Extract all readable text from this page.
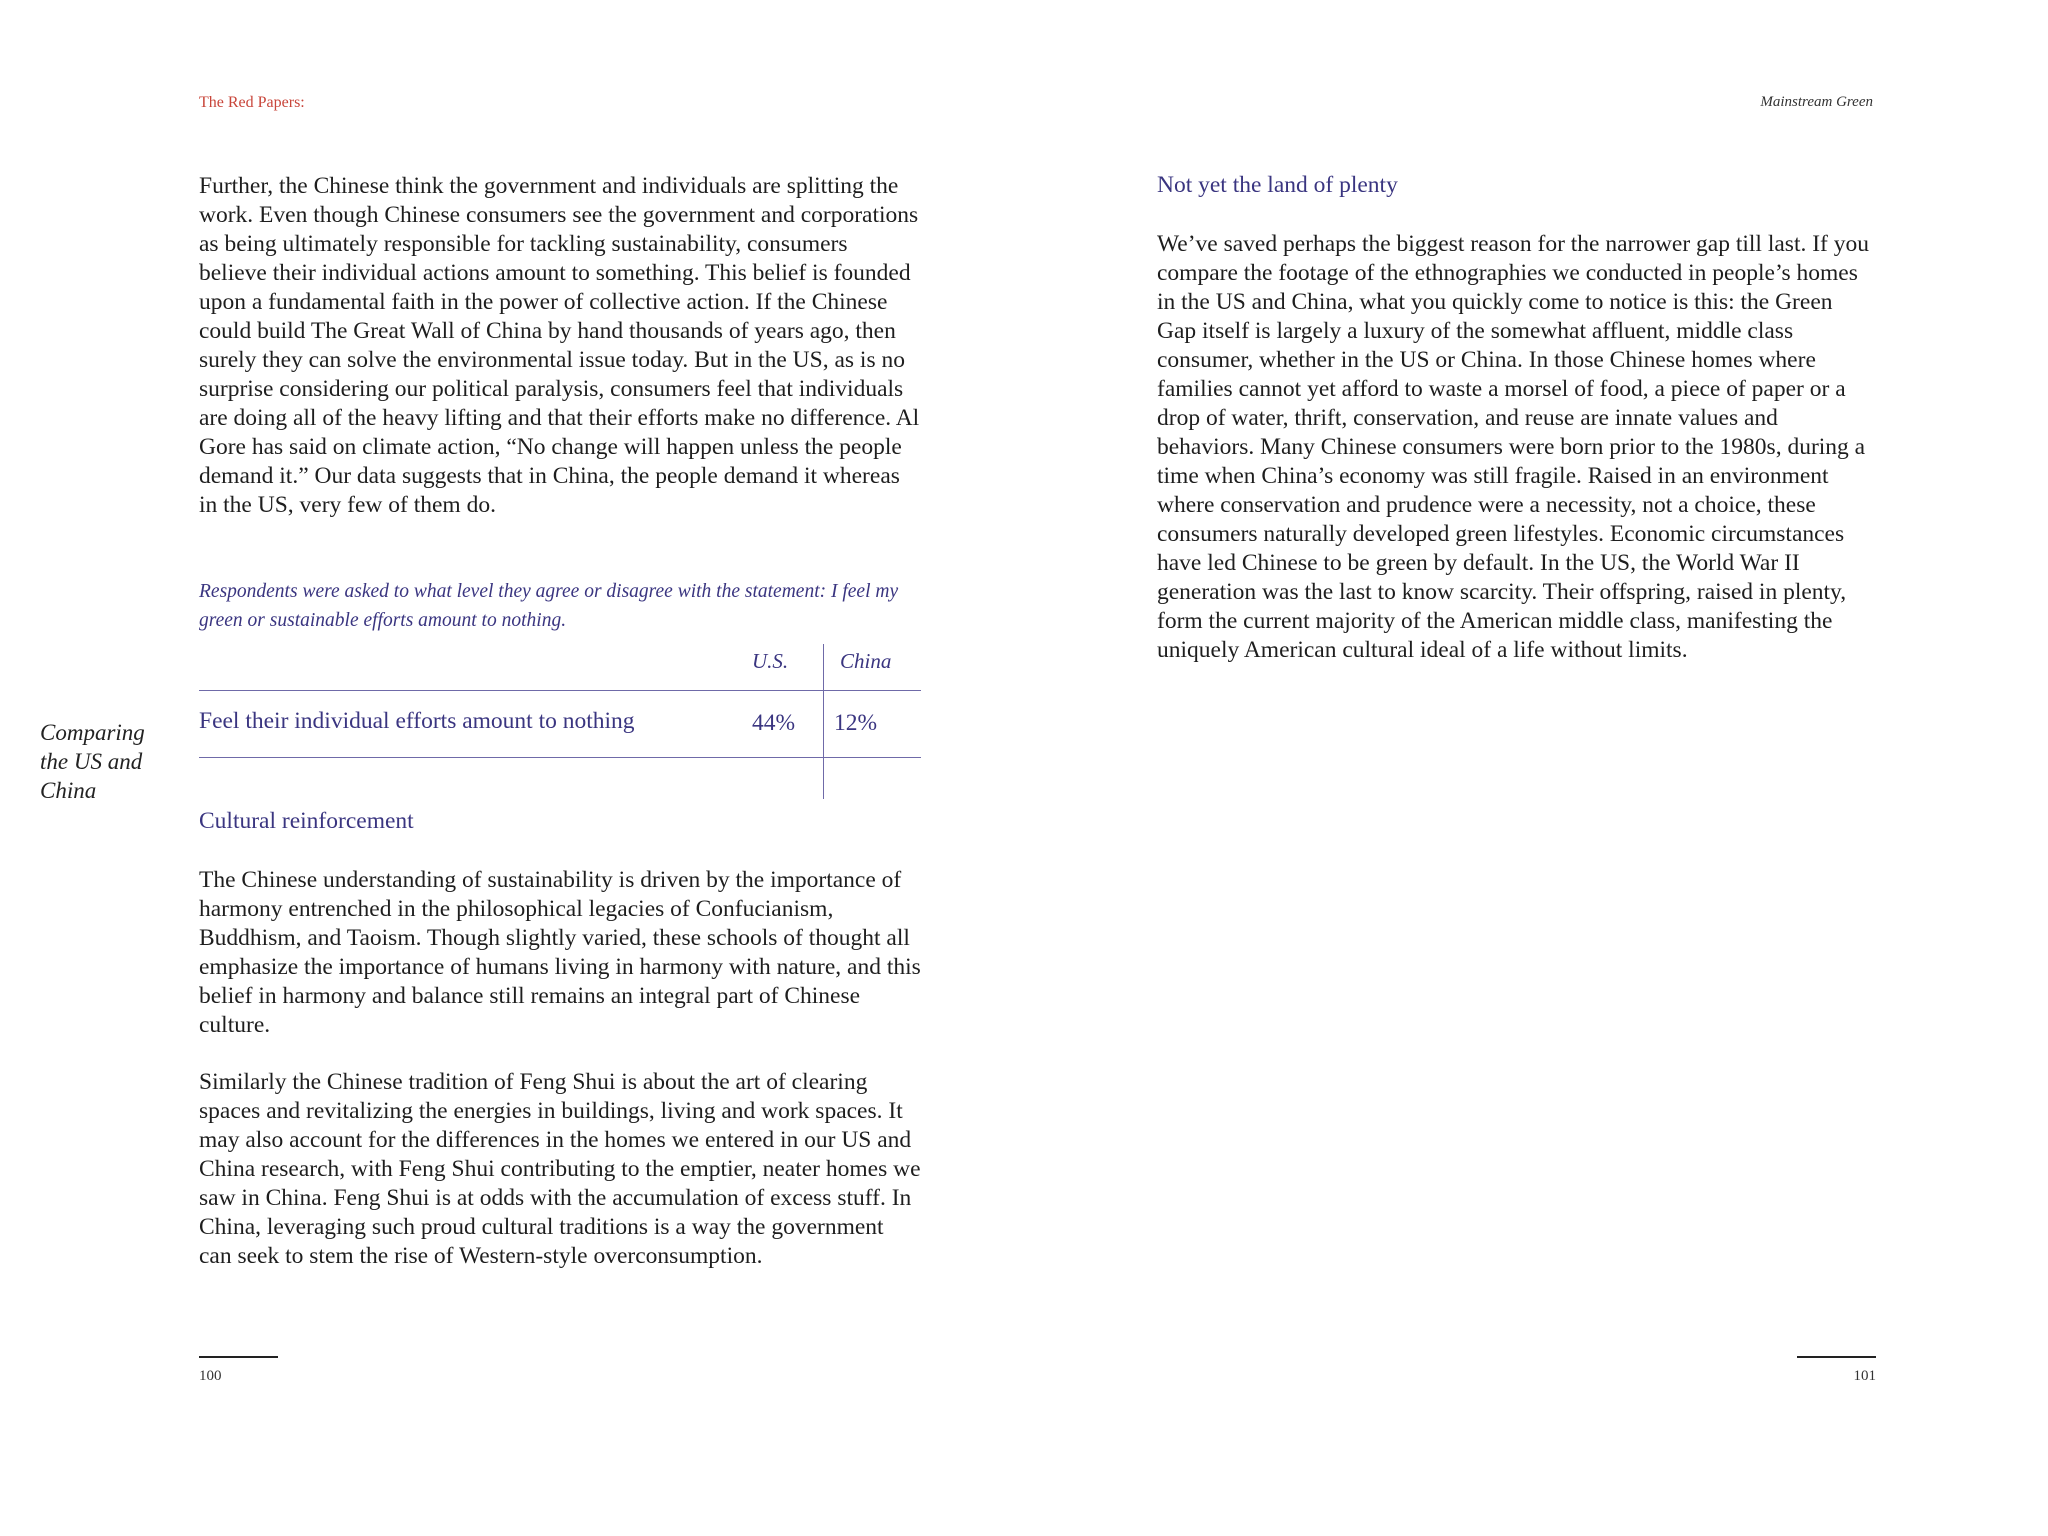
The Red Papers:	Mainstream Green

Further, the Chinese think the government and individuals are splitting the work. Even though Chinese consumers see the government and corporations as being ultimately responsible for tackling sustainability, consumers believe their individual actions amount to something. This belief is founded upon a fundamental faith in the power of collective action. If the Chinese could build The Great Wall of China by hand thousands of years ago, then surely they can solve the environmental issue today. But in the US, as is no surprise considering our political paralysis, consumers feel that individuals are doing all of the heavy lifting and that their efforts make no difference. Al Gore has said on climate action, “No change will happen unless the people demand it.” Our data suggests that in China, the people demand it whereas in the US, very few of them do.

Respondents were asked to what level they agree or disagree with the statement: I feel my green or sustainable efforts amount to nothing.

U.S. China
Feel their individual efforts amount to nothing	44% 12%
Comparing the US and China
Cultural reinforcement

The Chinese understanding of sustainability is driven by the importance of harmony entrenched in the philosophical legacies of Confucianism, Buddhism, and Taoism. Though slightly varied, these schools of thought all emphasize the importance of humans living in harmony with nature, and this belief in harmony and balance still remains an integral part of Chinese culture.

Similarly the Chinese tradition of Feng Shui is about the art of clearing spaces and revitalizing the energies in buildings, living and work spaces. It may also account for the differences in the homes we entered in our US and China research, with Feng Shui contributing to the emptier, neater homes we saw in China. Feng Shui is at odds with the accumulation of excess stuff. In China, leveraging such proud cultural traditions is a way the government can seek to stem the rise of Western-style overconsumption.

100
Not yet the land of plenty

We’ve saved perhaps the biggest reason for the narrower gap till last. If you compare the footage of the ethnographies we conducted in people’s homes in the US and China, what you quickly come to notice is this: the Green Gap itself is largely a luxury of the somewhat affluent, middle class consumer, whether in the US or China. In those Chinese homes where families cannot yet afford to waste a morsel of food, a piece of paper or a drop of water, thrift, conservation, and reuse are innate values and behaviors. Many Chinese consumers were born prior to the 1980s, during a time when China’s economy was still fragile. Raised in an environment where conservation and prudence were a necessity, not a choice, these consumers naturally developed green lifestyles. Economic circumstances have led Chinese to be green by default. In the US, the World War II generation was the last to know scarcity. Their offspring, raised in plenty, form the current majority of the American middle class, manifesting the uniquely American cultural ideal of a life without limits.

101
